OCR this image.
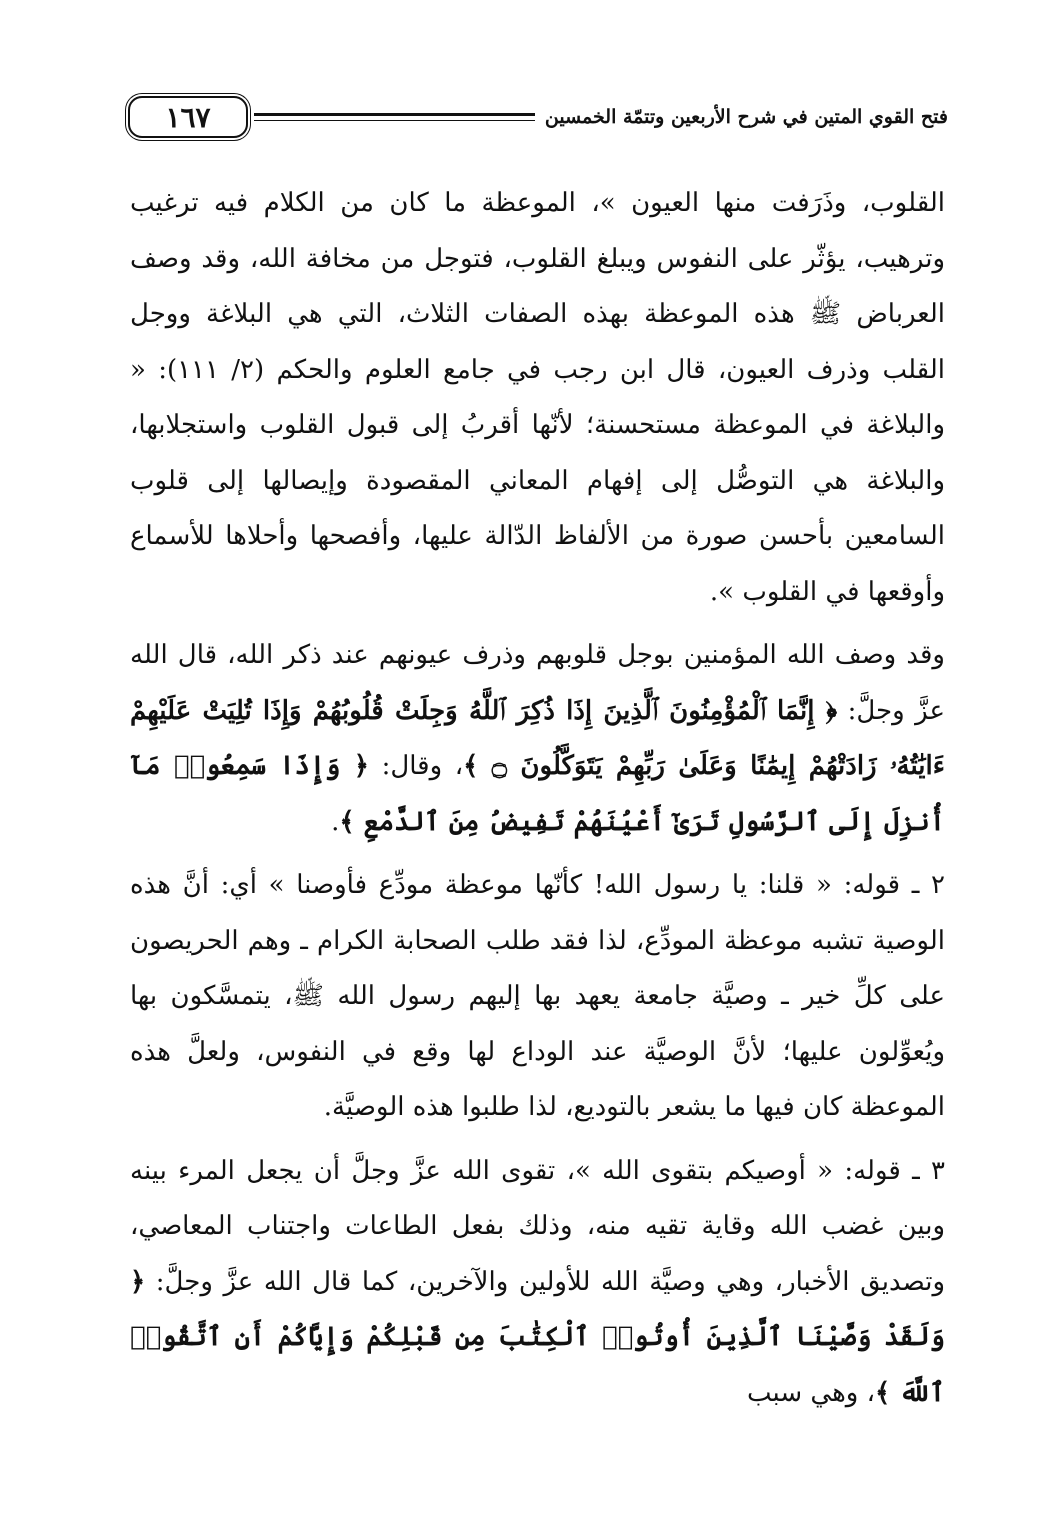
فتح القوي المتين في شرح الأربعين وتتمّة الخمسين
١٦٧

القلوب، وذَرَفت منها العيون »، الموعظة ما كان من الكلام فيه ترغيب وترهيب، يؤثّر على النفوس ويبلغ القلوب، فتوجل من مخافة الله، وقد وصف العرباض ﷺ هذه الموعظة بهذه الصفات الثلاث، التي هي البلاغة ووجل القلب وذرف العيون، قال ابن رجب في جامع العلوم والحكم (٢/ ١١١): « والبلاغة في الموعظة مستحسنة؛ لأنّها أقربُ إلى قبول القلوب واستجلابها، والبلاغة هي التوصُّل إلى إفهام المعاني المقصودة وإيصالها إلى قلوب السامعين بأحسن صورة من الألفاظ الدّالة عليها، وأفصحها وأحلاها للأسماع وأوقعها في القلوب ».

وقد وصف الله المؤمنين بوجل قلوبهم وذرف عيونهم عند ذكر الله، قال الله عزَّ وجلَّ: ﴿ إِنَّمَا ٱلْمُؤْمِنُونَ ٱلَّذِينَ إِذَا ذُكِرَ ٱللَّهُ وَجِلَتْ قُلُوبُهُمْ وَإِذَا تُلِيَتْ عَلَيْهِمْ ءَايَٰتُهُۥ زَادَتْهُمْ إِيمَٰنًا وَعَلَىٰ رَبِّهِمْ يَتَوَكَّلُونَ ۝ ﴾، وقال: ﴿ وَإِذَا سَمِعُوا۟ مَآ أُنزِلَ إِلَى ٱلرَّسُولِ تَرَىٰٓ أَعْيُنَهُمْ تَفِيضُ مِنَ ٱلدَّمْعِ ﴾.

٢ ـ قوله: « قلنا: يا رسول الله! كأنّها موعظة مودِّع فأوصنا » أي: أنَّ هذه الوصية تشبه موعظة المودِّع، لذا فقد طلب الصحابة الكرام ـ وهم الحريصون على كلِّ خير ـ وصيَّة جامعة يعهد بها إليهم رسول الله ﷺ، يتمسَّكون بها ويُعوِّلون عليها؛ لأنَّ الوصيَّة عند الوداع لها وقع في النفوس، ولعلَّ هذه الموعظة كان فيها ما يشعر بالتوديع، لذا طلبوا هذه الوصيَّة.

٣ ـ قوله: « أوصيكم بتقوى الله »، تقوى الله عزَّ وجلَّ أن يجعل المرء بينه وبين غضب الله وقاية تقيه منه، وذلك بفعل الطاعات واجتناب المعاصي، وتصديق الأخبار، وهي وصيَّة الله للأولين والآخرين، كما قال الله عزَّ وجلَّ: ﴿ وَلَقَدْ وَصَّيْنَا ٱلَّذِينَ أُوتُوا۟ ٱلْكِتَٰبَ مِن قَبْلِكُمْ وَإِيَّاكُمْ أَنِ ٱتَّقُوا۟ ٱللَّهَ ﴾، وهي سبب
